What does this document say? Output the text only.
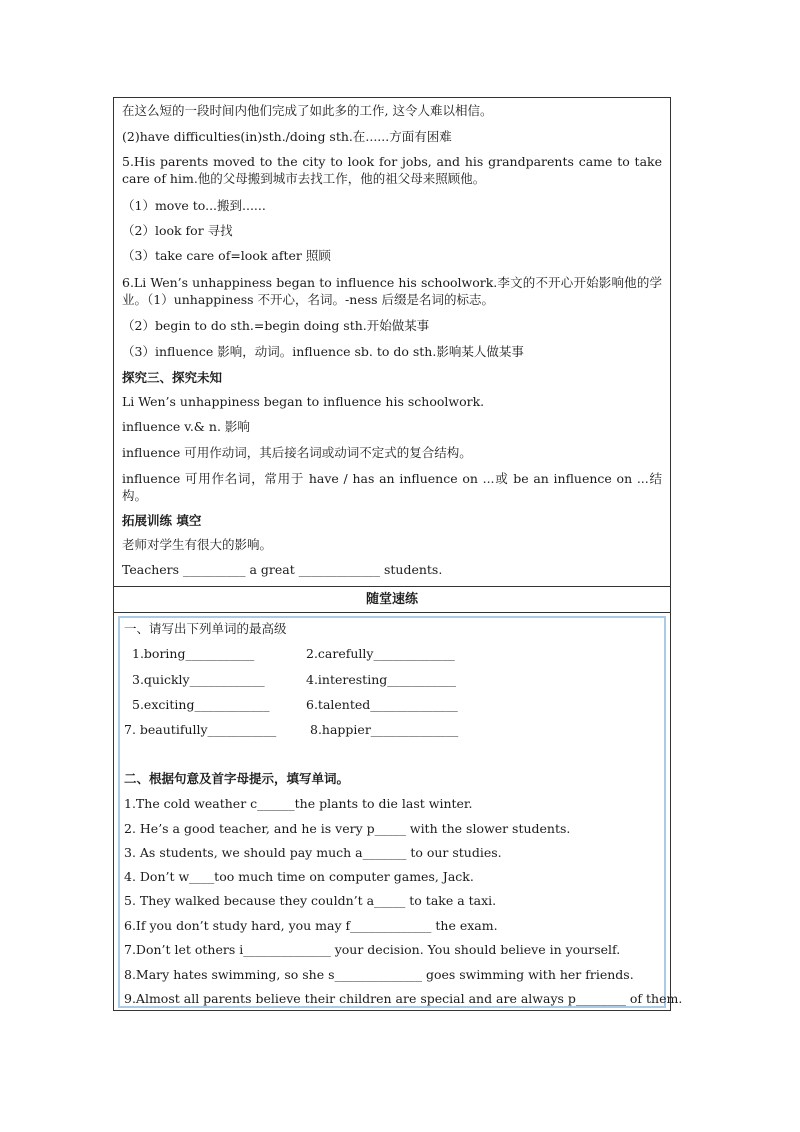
在这么短的一段时间内他们完成了如此多的工作, 这令人难以相信。
(2)have difficulties(in)sth./doing sth.在......方面有困难
5.His parents moved to the city to look for jobs, and his grandparents came to take care of him.他的父母搬到城市去找工作，他的祖父母来照顾他。
（1）move to...搬到......
（2）look for 寻找
（3）take care of=look after 照顾
6.Li Wen’s unhappiness began to influence his schoolwork.李文的不开心开始影响他的学业。（1）unhappiness 不开心，名词。-ness 后缀是名词的标志。
（2）begin to do sth.=begin doing sth.开始做某事
（3）influence 影响，动词。influence sb. to do sth.影响某人做某事
探究三、探究未知
Li Wen’s unhappiness began to influence his schoolwork.
influence v.& n. 影响
influence 可用作动词，其后接名词或动词不定式的复合结构。
influence 可用作名词，常用于 have / has an influence on ...或 be an influence on ...结构。
拓展训练 填空
老师对学生有很大的影响。
Teachers __________ a great _____________ students.
随堂速练
一、请写出下列单词的最高级
1.boring___________	2.carefully_____________
3.quickly____________	4.interesting___________
5.exciting____________	6.talented______________
7. beautifully___________	8.happier______________
二、根据句意及首字母提示，填写单词。
1.The cold weather c______the plants to die last winter.
2. He’s a good teacher, and he is very p_____ with the slower students.
3. As students, we should pay much a_______ to our studies.
4. Don’t w____too much time on computer games, Jack.
5. They walked because they couldn’t a_____ to take a taxi.
6.If you don’t study hard, you may f_____________ the exam.
7.Don’t let others i______________ your decision. You should believe in yourself.
8.Mary hates swimming, so she s______________ goes swimming with her friends.
9.Almost all parents believe their children are special and are always p________ of them.
